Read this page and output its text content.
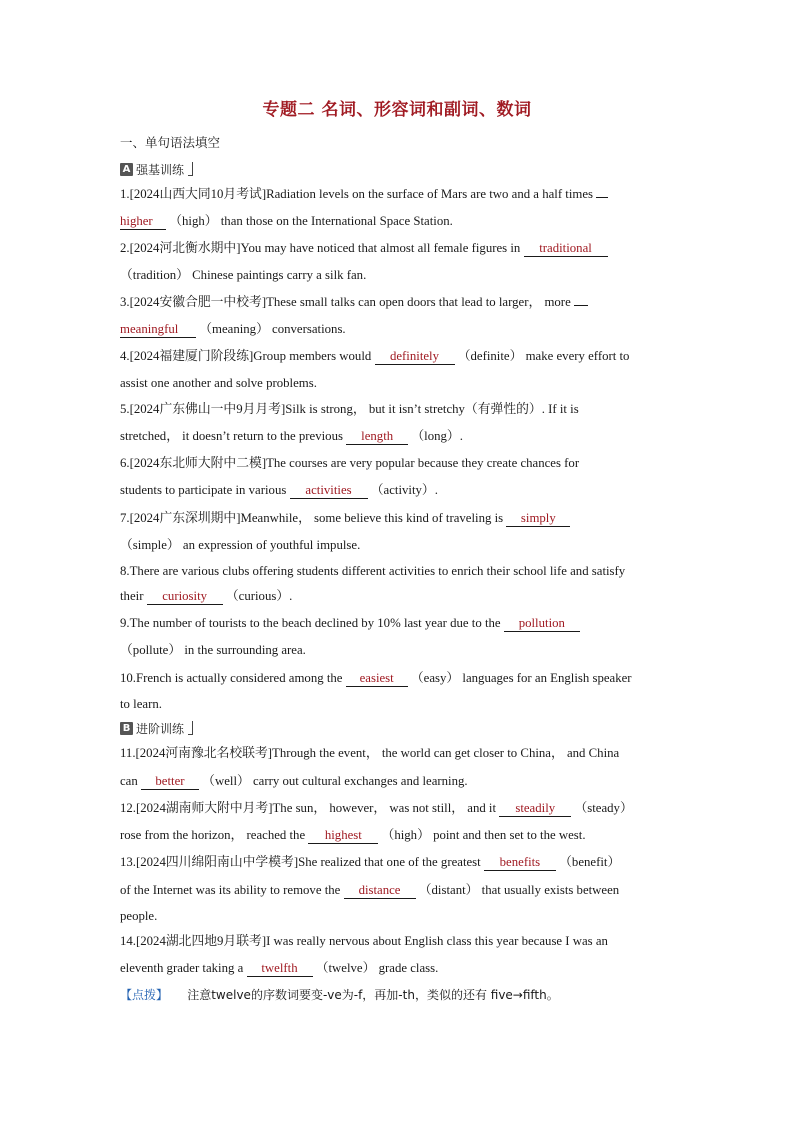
专题二 名词、形容词和副词、数词
一、单句语法填空
A 强基训练
1.[2024山西大同10月考试]Radiation levels on the surface of Mars are two and a half times
higher （high） than those on the International Space Station.
2.[2024河北衡水期中]You may have noticed that almost all female figures in traditional
（tradition） Chinese paintings carry a silk fan.
3.[2024安徽合肥一中校考]These small talks can open doors that lead to larger， more
meaningful （meaning） conversations.
4.[2024福建厦门阶段练]Group members would definitely （definite） make every effort to
assist one another and solve problems.
5.[2024广东佛山一中9月月考]Silk is strong， but it isn’t stretchy（有弹性的）. If it is
stretched， it doesn’t return to the previous length （long）.
6.[2024东北师大附中二模]The courses are very popular because they create chances for
students to participate in various activities （activity）.
7.[2024广东深圳期中]Meanwhile， some believe this kind of traveling is simply
（simple） an expression of youthful impulse.
8.There are various clubs offering students different activities to enrich their school life and satisfy
their curiosity （curious）.
9.The number of tourists to the beach declined by 10% last year due to the pollution
（pollute） in the surrounding area.
10.French is actually considered among the easiest （easy） languages for an English speaker
to learn.
B 进阶训练
11.[2024河南豫北名校联考]Through the event， the world can get closer to China， and China
can better （well） carry out cultural exchanges and learning.
12.[2024湖南师大附中月考]The sun， however， was not still， and it steadily （steady）
rose from the horizon， reached the highest （high） point and then set to the west.
13.[2024四川绵阳南山中学模考]She realized that one of the greatest benefits （benefit）
of the Internet was its ability to remove the distance （distant） that usually exists between
people.
14.[2024湖北四地9月联考]I was really nervous about English class this year because I was an
eleventh grader taking a twelfth （twelve） grade class.
【点拨】 注意twelve的序数词要变-ve为-f，再加-th，类似的还有 five→fifth。
